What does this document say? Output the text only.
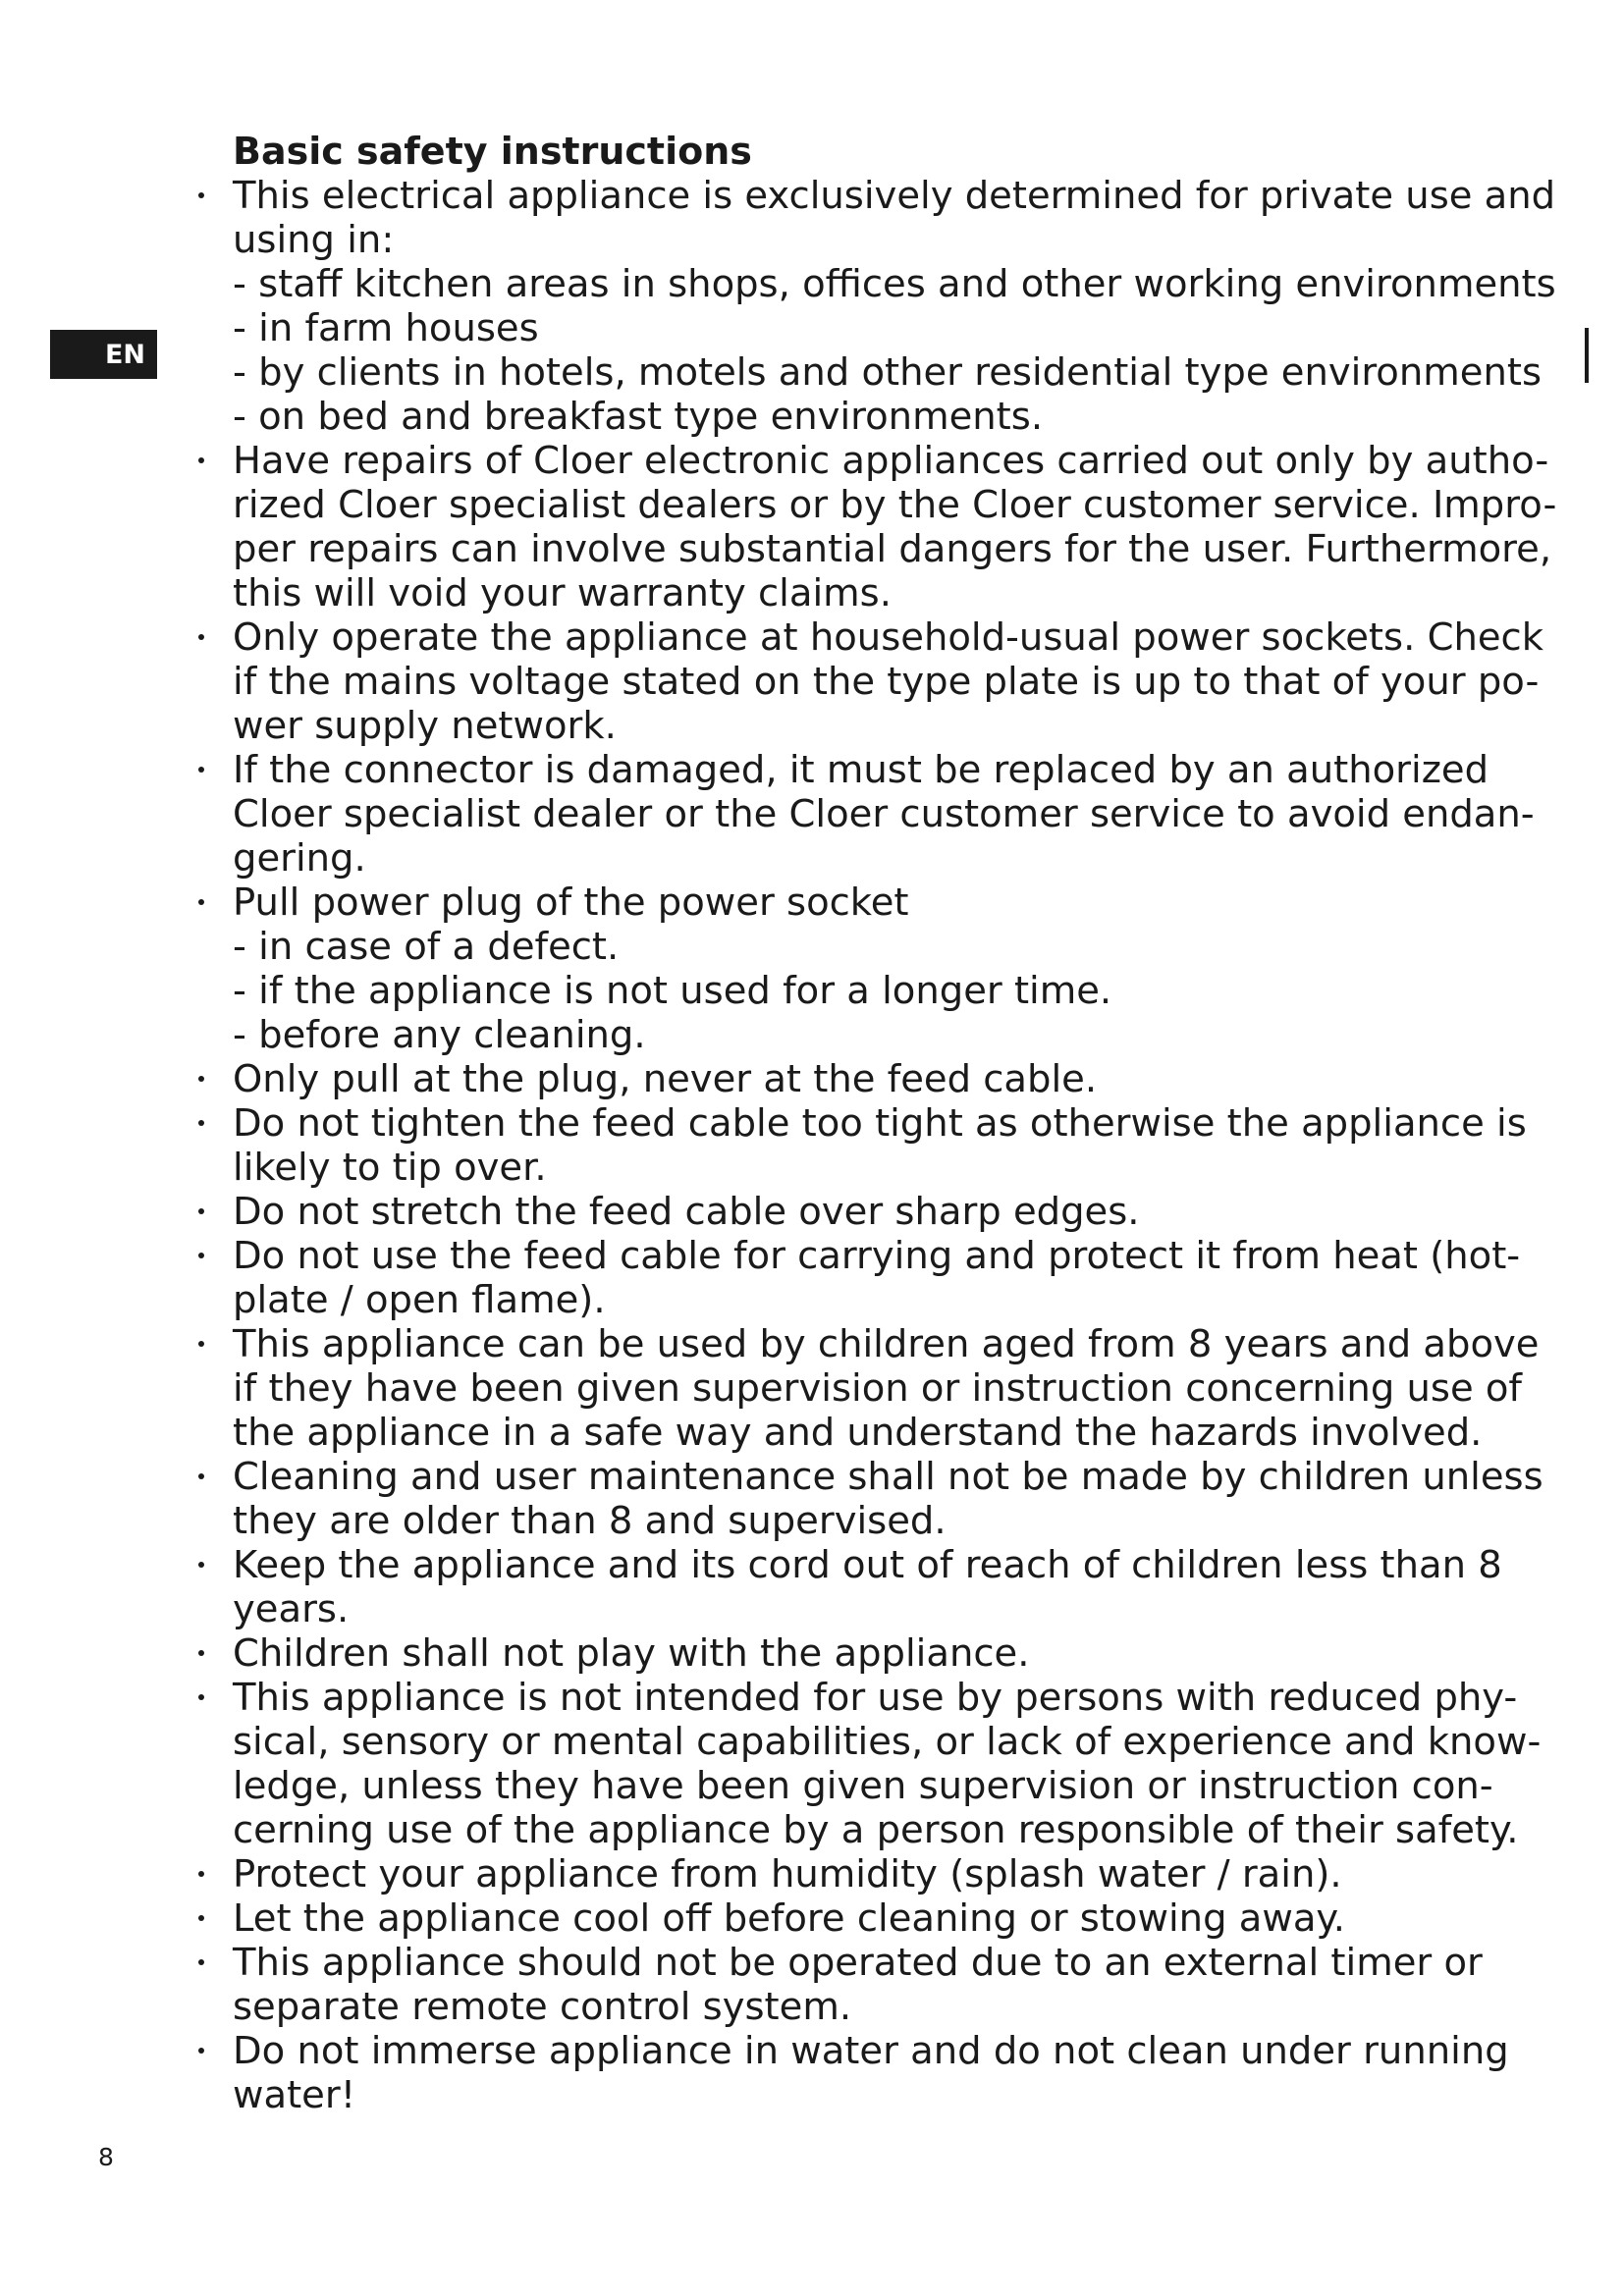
EN
Basic safety instructions
This electrical appliance is exclusively determined for private use and
using in:
- staff kitchen areas in shops, offices and other working environments
- in farm houses
- by clients in hotels, motels and other residential type environments
- on bed and breakfast type environments.
Have repairs of Cloer electronic appliances carried out only by autho-
rized Cloer specialist dealers or by the Cloer customer service. Impro-
per repairs can involve substantial dangers for the user. Furthermore,
this will void your warranty claims.
Only operate the appliance at household-usual power sockets. Check
if the mains voltage stated on the type plate is up to that of your po-
wer supply network.
If the connector is damaged, it must be replaced by an authorized
Cloer specialist dealer or the Cloer customer service to avoid endan-
gering.
Pull power plug of the power socket
- in case of a defect.
- if the appliance is not used for a longer time.
- before any cleaning.
Only pull at the plug, never at the feed cable.
Do not tighten the feed cable too tight as otherwise the appliance is
likely to tip over.
Do not stretch the feed cable over sharp edges.
Do not use the feed cable for carrying and protect it from heat (hot-
plate / open flame).
This appliance can be used by children aged from 8 years and above
if they have been given supervision or instruction concerning use of
the appliance in a safe way and understand the hazards involved.
Cleaning and user maintenance shall not be made by children unless
they are older than 8 and supervised.
Keep the appliance and its cord out of reach of children less than 8
years.
Children shall not play with the appliance.
This appliance is not intended for use by persons with reduced phy-
sical, sensory or mental capabilities, or lack of experience and know-
ledge, unless they have been given supervision or instruction con-
cerning use of the appliance by a person responsible of their safety.
Protect your appliance from humidity (splash water / rain).
Let the appliance cool off before cleaning or stowing away.
This appliance should not be operated due to an external timer or
separate remote control system.
Do not immerse appliance in water and do not clean under running
water!
8
